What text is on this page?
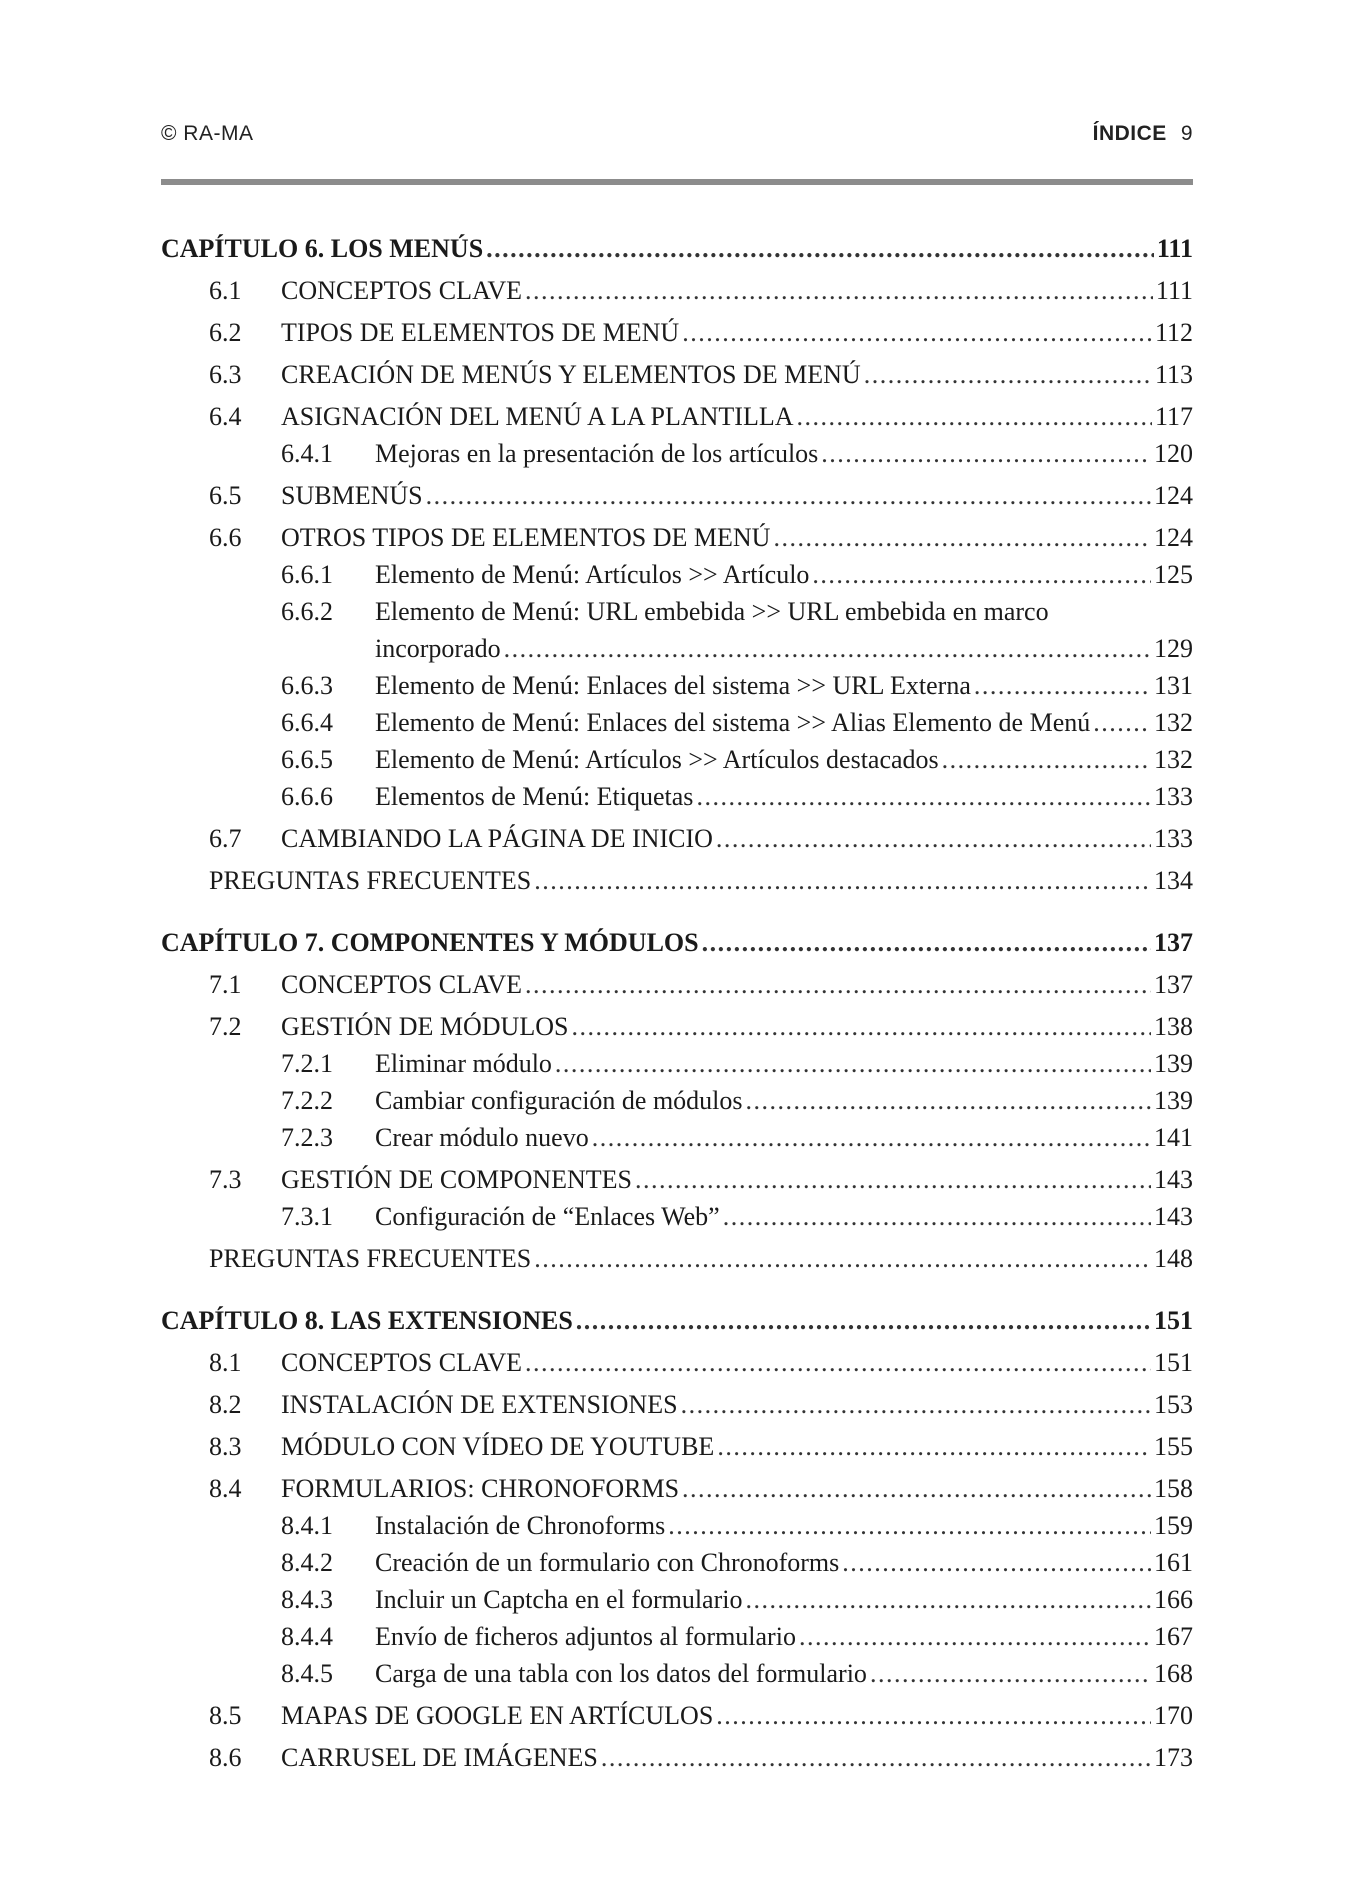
© RA-MA	ÍNDICE 9
CAPÍTULO 6. LOS MENÚS .....	111
6.1 CONCEPTOS CLAVE .....	111
6.2 TIPOS DE ELEMENTOS DE MENÚ .....	112
6.3 CREACIÓN DE MENÚS Y ELEMENTOS DE MENÚ .....	113
6.4 ASIGNACIÓN DEL MENÚ A LA PLANTILLA .....	117
6.4.1 Mejoras en la presentación de los artículos .....	120
6.5 SUBMENÚS .....	124
6.6 OTROS TIPOS DE ELEMENTOS DE MENÚ .....	124
6.6.1 Elemento de Menú: Artículos >> Artículo .....	125
6.6.2 Elemento de Menú: URL embebida >> URL embebida en marco
incorporado .....	129
6.6.3 Elemento de Menú: Enlaces del sistema >> URL Externa .....	131
6.6.4 Elemento de Menú: Enlaces del sistema >> Alias Elemento de Menú ..... 132
6.6.5 Elemento de Menú: Artículos >> Artículos destacados .....	132
6.6.6 Elementos de Menú: Etiquetas .....	133
6.7 CAMBIANDO LA PÁGINA DE INICIO .....	133
PREGUNTAS FRECUENTES .....	134
CAPÍTULO 7. COMPONENTES Y MÓDULOS .....	137
7.1 CONCEPTOS CLAVE .....	137
7.2 GESTIÓN DE MÓDULOS .....	138
7.2.1 Eliminar módulo .....	139
7.2.2 Cambiar configuración de módulos .....	139
7.2.3 Crear módulo nuevo .....	141
7.3 GESTIÓN DE COMPONENTES .....	143
7.3.1 Configuración de “Enlaces Web” .....	143
PREGUNTAS FRECUENTES .....	148
CAPÍTULO 8. LAS EXTENSIONES .....	151
8.1 CONCEPTOS CLAVE .....	151
8.2 INSTALACIÓN DE EXTENSIONES .....	153
8.3 MÓDULO CON VÍDEO DE YOUTUBE .....	155
8.4 FORMULARIOS: CHRONOFORMS .....	158
8.4.1 Instalación de Chronoforms .....	159
8.4.2 Creación de un formulario con Chronoforms .....	161
8.4.3 Incluir un Captcha en el formulario .....	166
8.4.4 Envío de ficheros adjuntos al formulario .....	167
8.4.5 Carga de una tabla con los datos del formulario .....	168
8.5 MAPAS DE GOOGLE EN ARTÍCULOS .....	170
8.6 CARRUSEL DE IMÁGENES .....	173
